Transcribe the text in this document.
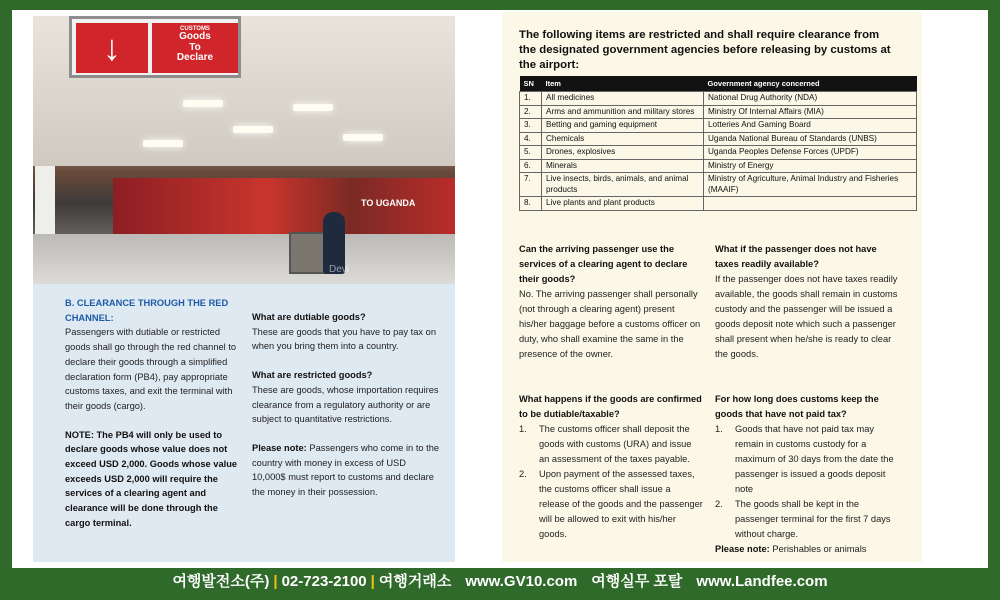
TO UGANDA
Devi
↓	CUSTOMS
Goods
To
Declare
B. CLEARANCE THROUGH THE RED CHANNEL:
Passengers with dutiable or restricted goods shall go through the red channel to declare their goods through a simplified declaration form (PB4), pay appropriate customs taxes, and exit the terminal with their goods (cargo).
NOTE: The PB4 will only be used to declare goods whose value does not exceed USD 2,000. Goods whose value exceeds USD 2,000 will require the services of a clearing agent and clearance will be done through the cargo terminal.
What are dutiable goods?
These are goods that you have to pay tax on when you bring them into a country.
What are restricted goods?
These are goods, whose importation requires clearance from a regulatory authority or are subject to quantitative restrictions.
Please note: Passengers who come in to the country with money in excess of USD 10,000$ must report to customs and declare the money in their possession.
The following items are restricted and shall require clearance from the designated government agencies before releasing by customs at the airport:
SN	Item	Government agency concerned
1.	All medicines	National Drug Authority (NDA)
2.	Arms and ammunition and military stores	Ministry Of Internal Affairs (MIA)
3.	Betting and gaming equipment	Lotteries And Gaming Board
4.	Chemicals	Uganda National Bureau of Standards (UNBS)
5.	Drones, explosives	Uganda Peoples Defense Forces (UPDF)
6.	Minerals	Ministry of Energy
7.	Live insects, birds, animals, and animal products	Ministry of Agriculture, Animal Industry and Fisheries (MAAIF)
8.	Live plants and plant products	
Can the arriving passenger use the services of a clearing agent to declare their goods?
No. The arriving passenger shall personally (not through a clearing agent) present his/her baggage before a customs officer on duty, who shall examine the same in the presence of the owner.
What happens if the goods are confirmed to be dutiable/taxable?
1. The customs officer shall deposit the goods with customs (URA) and issue an assessment of the taxes payable.
2. Upon payment of the assessed taxes, the customs officer shall issue a release of the goods and the passenger will be allowed to exit with his/her goods.
What if the passenger does not have taxes readily available?
If the passenger does not have taxes readily available, the goods shall remain in customs custody and the passenger will be issued a goods deposit note which such a passenger shall present when he/she is ready to clear the goods.
For how long does customs keep the goods that have not paid tax?
1. Goods that have not paid tax may remain in customs custody for a maximum of 30 days from the date the passenger is issued a goods deposit note
2. The goods shall be kept in the passenger terminal for the first 7 days without charge.
Please note: Perishables or animals
여행발전소(주) | 02-723-2100 | 여행거래소 www.GV10.com 여행실무 포탈 www.Landfee.com
